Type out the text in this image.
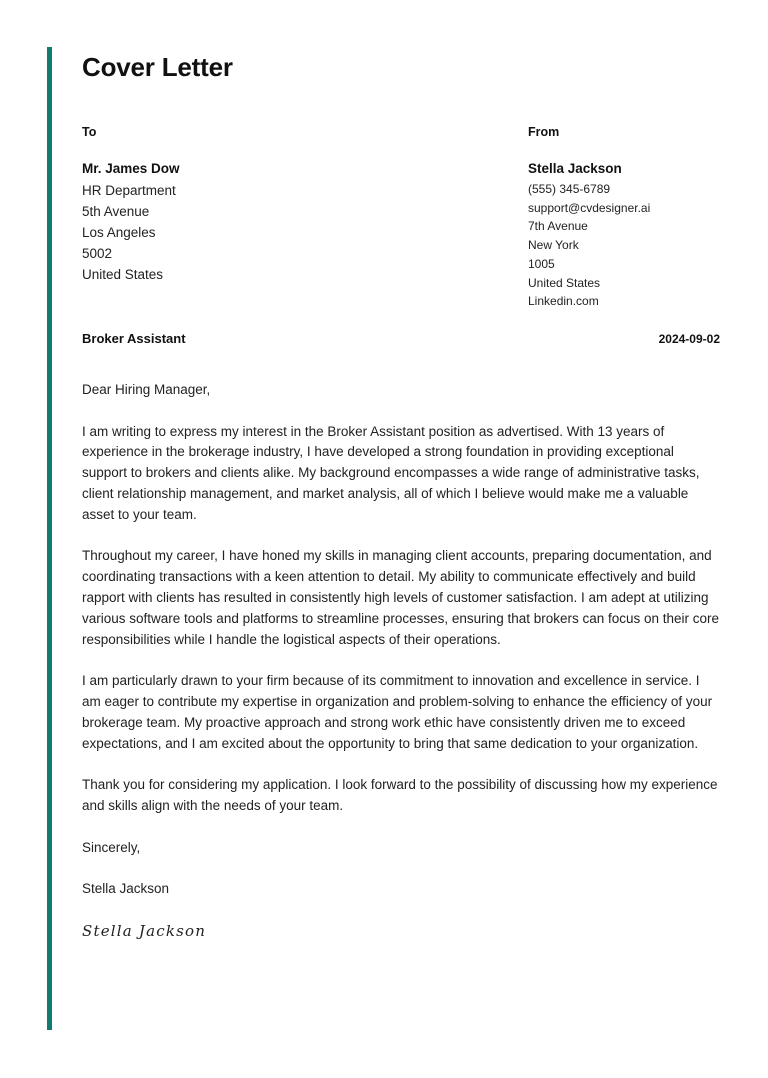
Cover Letter
To
Mr. James Dow
HR Department
5th Avenue
Los Angeles
5002
United States
From
Stella Jackson
(555) 345-6789
support@cvdesigner.ai
7th Avenue
New York
1005
United States
Linkedin.com
Broker Assistant	2024-09-02

Dear Hiring Manager,

I am writing to express my interest in the Broker Assistant position as advertised. With 13 years of experience in the brokerage industry, I have developed a strong foundation in providing exceptional support to brokers and clients alike. My background encompasses a wide range of administrative tasks, client relationship management, and market analysis, all of which I believe would make me a valuable asset to your team.

Throughout my career, I have honed my skills in managing client accounts, preparing documentation, and coordinating transactions with a keen attention to detail. My ability to communicate effectively and build rapport with clients has resulted in consistently high levels of customer satisfaction. I am adept at utilizing various software tools and platforms to streamline processes, ensuring that brokers can focus on their core responsibilities while I handle the logistical aspects of their operations.

I am particularly drawn to your firm because of its commitment to innovation and excellence in service. I am eager to contribute my expertise in organization and problem-solving to enhance the efficiency of your brokerage team. My proactive approach and strong work ethic have consistently driven me to exceed expectations, and I am excited about the opportunity to bring that same dedication to your organization.

Thank you for considering my application. I look forward to the possibility of discussing how my experience and skills align with the needs of your team.

Sincerely,

Stella Jackson

Stella Jackson
